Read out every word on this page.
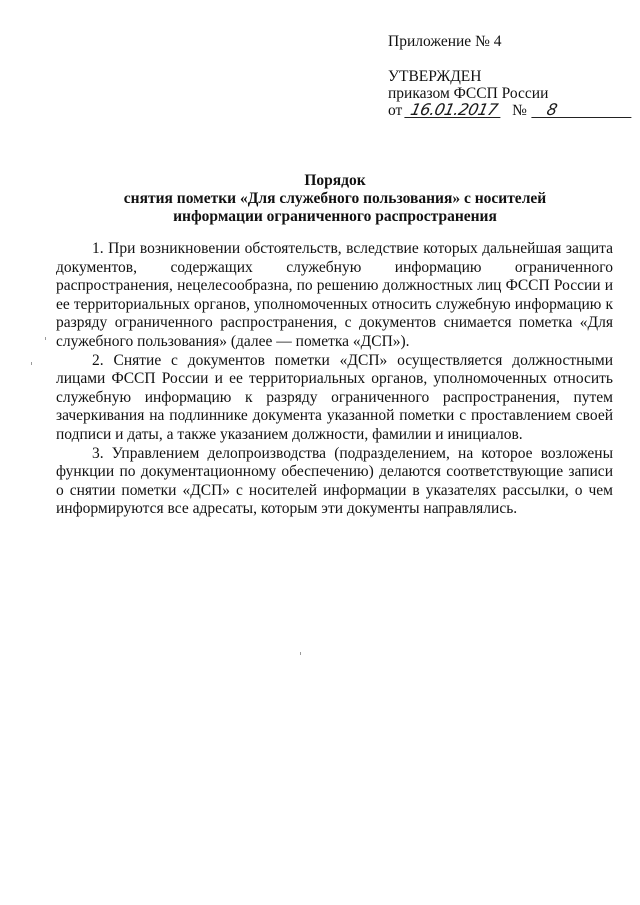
Приложение № 4
УТВЕРЖДЕН
приказом ФССП России
от 16.01.2017 № 8
Порядок
снятия пометки «Для служебного пользования» с носителей
информации ограниченного распространения

1. При возникновении обстоятельств, вследствие которых дальнейшая защита документов, содержащих служебную информацию ограниченного распространения, нецелесообразна, по решению должностных лиц ФССП России и ее территориальных органов, уполномоченных относить служебную информацию к разряду ограниченного распространения, с документов снимается пометка «Для служебного пользования» (далее — пометка «ДСП»).

2. Снятие с документов пометки «ДСП» осуществляется должностными лицами ФССП России и ее территориальных органов, уполномоченных относить служебную информацию к разряду ограниченного распространения, путем зачеркивания на подлиннике документа указанной пометки с проставлением своей подписи и даты, а также указанием должности, фамилии и инициалов.

3. Управлением делопроизводства (подразделением, на которое возложены функции по документационному обеспечению) делаются соответствующие записи о снятии пометки «ДСП» с носителей информации в указателях рассылки, о чем информируются все адресаты, которым эти документы направлялись.
